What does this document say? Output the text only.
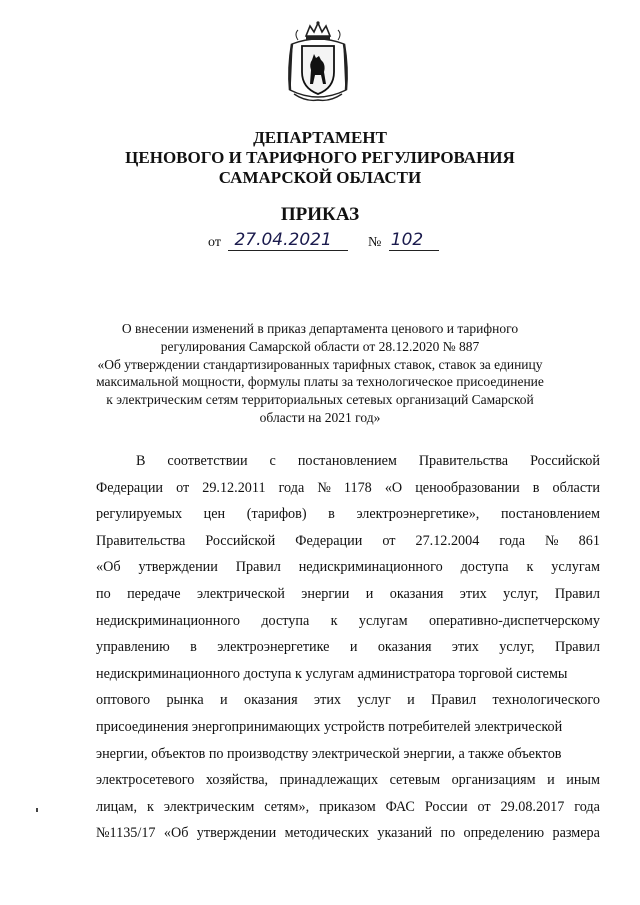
ДЕПАРТАМЕНТ
ЦЕНОВОГО И ТАРИФНОГО РЕГУЛИРОВАНИЯ
САМАРСКОЙ ОБЛАСТИ
ПРИКАЗ
от 27.04.2021	№ 102
О внесении изменений в приказ департамента ценового и тарифного
регулирования Самарской области от 28.12.2020 № 887
«Об утверждении стандартизированных тарифных ставок, ставок за единицу
максимальной мощности, формулы платы за технологическое присоединение
к электрическим сетям территориальных сетевых организаций Самарской
области на 2021 год»
В соответствии с постановлением Правительства Российской
Федерации от 29.12.2011 года № 1178 «О ценообразовании в области
регулируемых цен (тарифов) в электроэнергетике», постановлением
Правительства Российской Федерации от 27.12.2004 года № 861
«Об утверждении Правил недискриминационного доступа к услугам
по передаче электрической энергии и оказания этих услуг, Правил
недискриминационного доступа к услугам оперативно-диспетчерскому
управлению в электроэнергетике и оказания этих услуг, Правил
недискриминационного доступа к услугам администратора торговой системы
оптового рынка и оказания этих услуг и Правил технологического
присоединения энергопринимающих устройств потребителей электрической
энергии, объектов по производству электрической энергии, а также объектов
электросетевого хозяйства, принадлежащих сетевым организациям и иным
лицам, к электрическим сетям», приказом ФАС России от 29.08.2017 года
№1135/17 «Об утверждении методических указаний по определению размера
